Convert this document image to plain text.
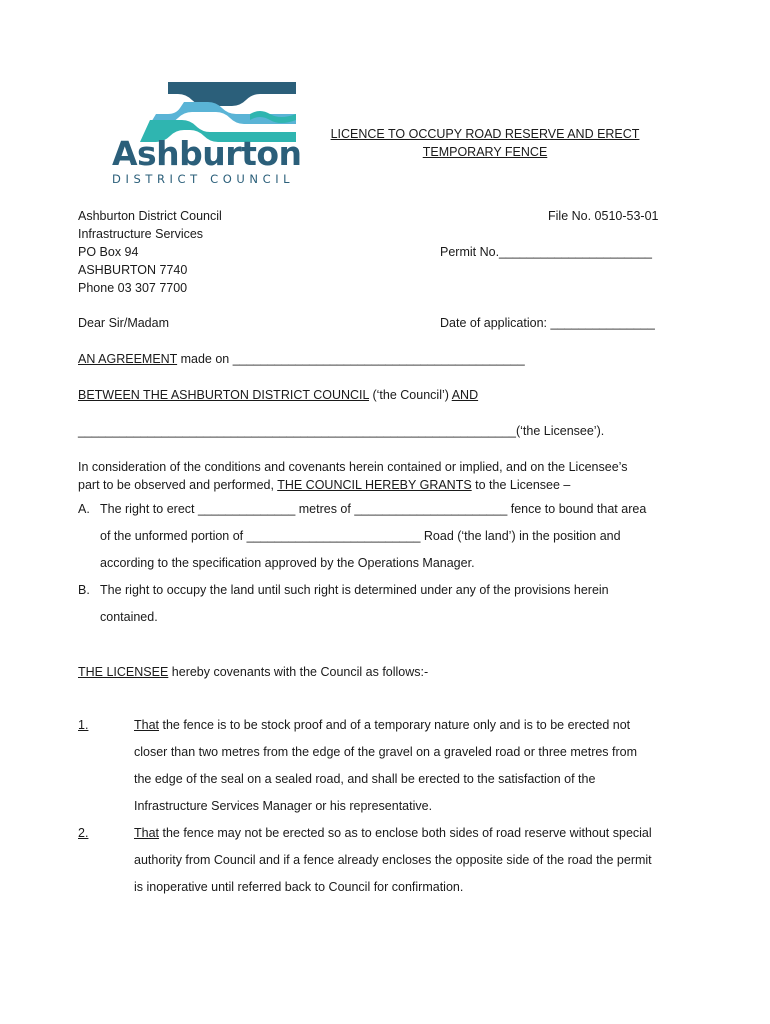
Ashburton
DISTRICT COUNCIL
LICENCE TO OCCUPY ROAD RESERVE AND ERECT
TEMPORARY FENCE
Ashburton District Council
Infrastructure Services
PO Box 94
ASHBURTON 7740
Phone 03 307 7700
File No. 0510-53-01
Permit No.______________________
Dear Sir/Madam	Date of application: _______________
AN AGREEMENT made on __________________________________________
BETWEEN THE ASHBURTON DISTRICT COUNCIL (‘the Council’) AND
_______________________________________________________________(‘the Licensee’).
In consideration of the conditions and covenants herein contained or implied, and on the Licensee’s
part to be observed and performed, THE COUNCIL HEREBY GRANTS to the Licensee –
A. The right to erect ______________ metres of ______________________ fence to bound that area
of the unformed portion of _________________________ Road (‘the land’) in the position and
according to the specification approved by the Operations Manager.
B. The right to occupy the land until such right is determined under any of the provisions herein
contained.
THE LICENSEE hereby covenants with the Council as follows:-
1.	That the fence is to be stock proof and of a temporary nature only and is to be erected not
closer than two metres from the edge of the gravel on a graveled road or three metres from
the edge of the seal on a sealed road, and shall be erected to the satisfaction of the
Infrastructure Services Manager or his representative.
2.	That the fence may not be erected so as to enclose both sides of road reserve without special
authority from Council and if a fence already encloses the opposite side of the road the permit
is inoperative until referred back to Council for confirmation.
